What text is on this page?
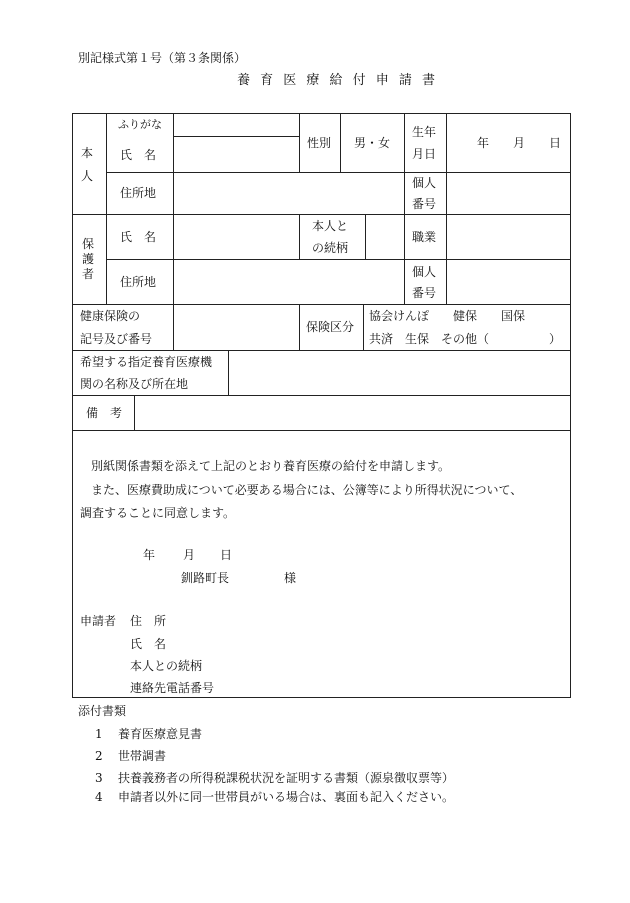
別記様式第１号（第３条関係）
養 育 医 療 給 付 申 請 書
本
人
ふりがな
氏　名
性別 男・女
生年
月日
年 月 日
住所地
個人
番号
保護者
氏　名
本人と
の続柄
職業
住所地
個人
番号
健康保険の
記号及び番号
保険区分
協会けんぽ　　健保　　国保
共済　生保　その他（　　　　　）
希望する指定養育医療機
関の名称及び所在地
備　考
別紙関係書類を添えて上記のとおり養育医療の給付を申請します。
また、医療費助成について必要ある場合には、公簿等により所得状況について、
調査することに同意します。
年 月 日
釧路町長	様
申請者 住　所
氏　名
本人との続柄
連絡先電話番号
添付書類
1 養育医療意見書
2 世帯調書
3 扶養義務者の所得税課税状況を証明する書類（源泉徴収票等）
4 申請者以外に同一世帯員がいる場合は、裏面も記入ください。
